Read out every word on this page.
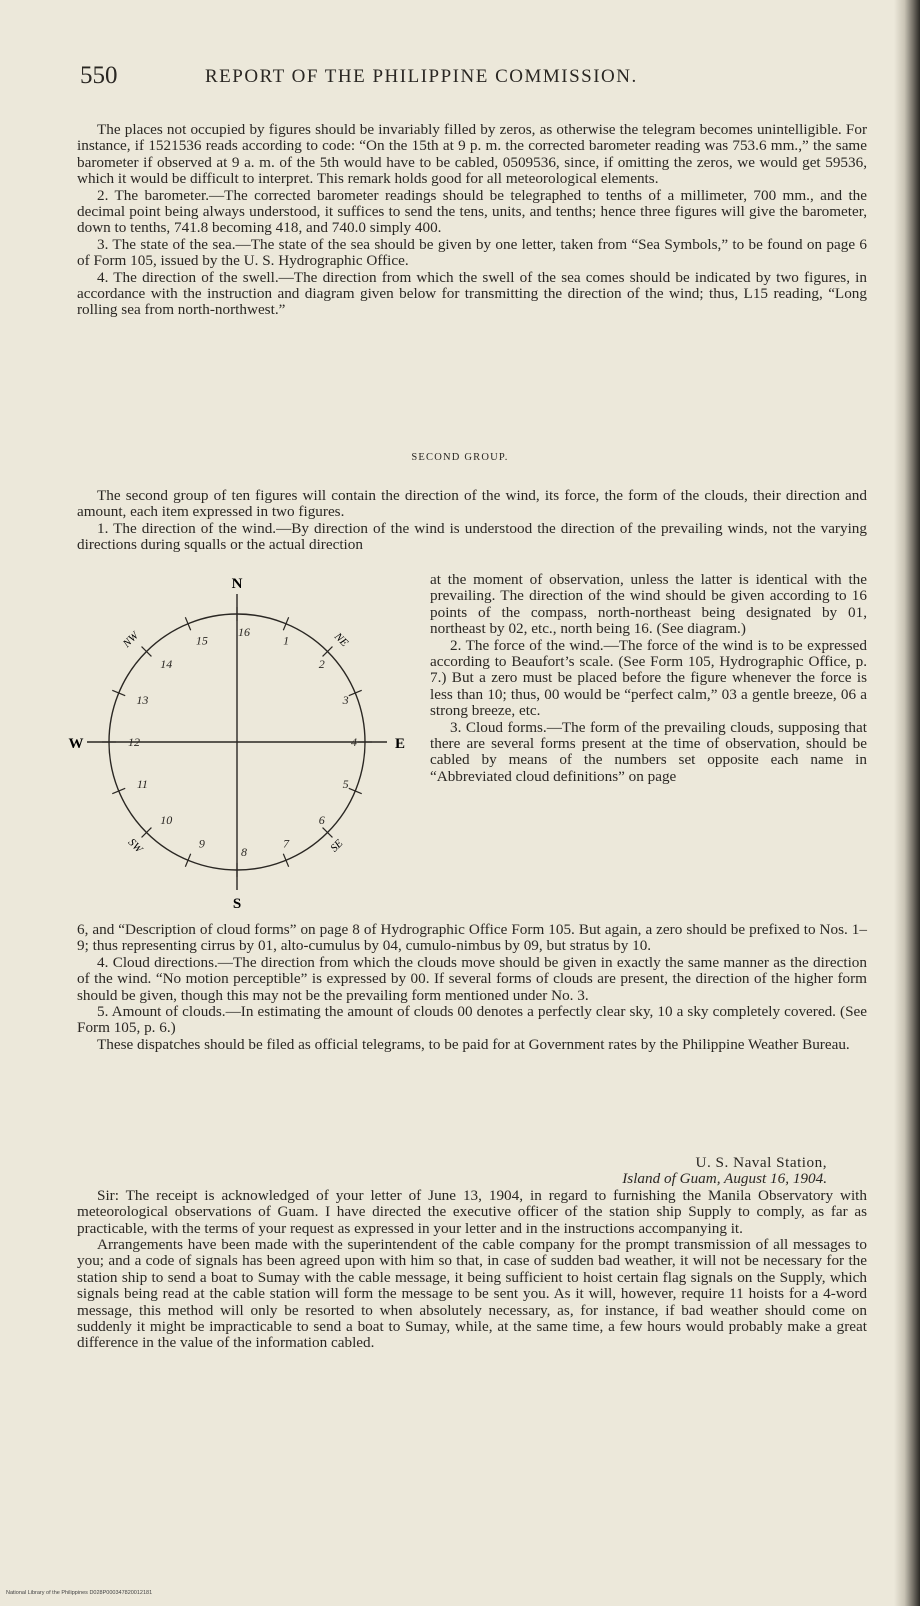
550	REPORT OF THE PHILIPPINE COMMISSION.

The places not occupied by figures should be invariably filled by zeros, as otherwise the telegram becomes unintelligible. For instance, if 1521536 reads according to code: “On the 15th at 9 p. m. the corrected barometer reading was 753.6 mm.,” the same barometer if observed at 9 a. m. of the 5th would have to be cabled, 0509536, since, if omitting the zeros, we would get 59536, which it would be difficult to interpret. This remark holds good for all meteorological elements.

2. The barometer.—The corrected barometer readings should be telegraphed to tenths of a millimeter, 700 mm., and the decimal point being always understood, it suffices to send the tens, units, and tenths; hence three figures will give the barometer, down to tenths, 741.8 becoming 418, and 740.0 simply 400.

3. The state of the sea.—The state of the sea should be given by one letter, taken from “Sea Symbols,” to be found on page 6 of Form 105, issued by the U. S. Hydrographic Office.

4. The direction of the swell.—The direction from which the swell of the sea comes should be indicated by two figures, in accordance with the instruction and diagram given below for transmitting the direction of the wind; thus, L15 reading, “Long rolling sea from north-northwest.”

SECOND GROUP.

The second group of ten figures will contain the direction of the wind, its force, the form of the clouds, their direction and amount, each item expressed in two figures.

1. The direction of the wind.—By direction of the wind is understood the direction of the prevailing winds, not the varying directions during squalls or the actual direction

1
2
3
4
5
6
7
8
9
10
11
12
13
14
15
16
N
E
S
W
NE
SE
SW
NW

at the moment of observation, unless the latter is identical with the prevailing. The direction of the wind should be given according to 16 points of the compass, north-northeast being designated by 01, northeast by 02, etc., north being 16. (See diagram.)

2. The force of the wind.—The force of the wind is to be expressed according to Beaufort’s scale. (See Form 105, Hydrographic Office, p. 7.) But a zero must be placed before the figure whenever the force is less than 10; thus, 00 would be “perfect calm,” 03 a gentle breeze, 06 a strong breeze, etc.

3. Cloud forms.—The form of the prevailing clouds, supposing that there are several forms present at the time of observation, should be cabled by means of the numbers set opposite each name in “Abbreviated cloud definitions” on page

6, and “Description of cloud forms” on page 8 of Hydrographic Office Form 105. But again, a zero should be prefixed to Nos. 1–9; thus representing cirrus by 01, alto-cumulus by 04, cumulo-nimbus by 09, but stratus by 10.

4. Cloud directions.—The direction from which the clouds move should be given in exactly the same manner as the direction of the wind. “No motion perceptible” is expressed by 00. If several forms of clouds are present, the direction of the higher form should be given, though this may not be the prevailing form mentioned under No. 3.

5. Amount of clouds.—In estimating the amount of clouds 00 denotes a perfectly clear sky, 10 a sky completely covered. (See Form 105, p. 6.)

These dispatches should be filed as official telegrams, to be paid for at Government rates by the Philippine Weather Bureau.

U. S. Naval Station,

Island of Guam, August 16, 1904.

Sir: The receipt is acknowledged of your letter of June 13, 1904, in regard to furnishing the Manila Observatory with meteorological observations of Guam. I have directed the executive officer of the station ship Supply to comply, as far as practicable, with the terms of your request as expressed in your letter and in the instructions accompanying it.

Arrangements have been made with the superintendent of the cable company for the prompt transmission of all messages to you; and a code of signals has been agreed upon with him so that, in case of sudden bad weather, it will not be necessary for the station ship to send a boat to Sumay with the cable message, it being sufficient to hoist certain flag signals on the Supply, which signals being read at the cable station will form the message to be sent you. As it will, however, require 11 hoists for a 4-word message, this method will only be resorted to when absolutely necessary, as, for instance, if bad weather should come on suddenly it might be impracticable to send a boat to Sumay, while, at the same time, a few hours would probably make a great difference in the value of the information cabled.

National Library of the Philippines D028P000347820012181
